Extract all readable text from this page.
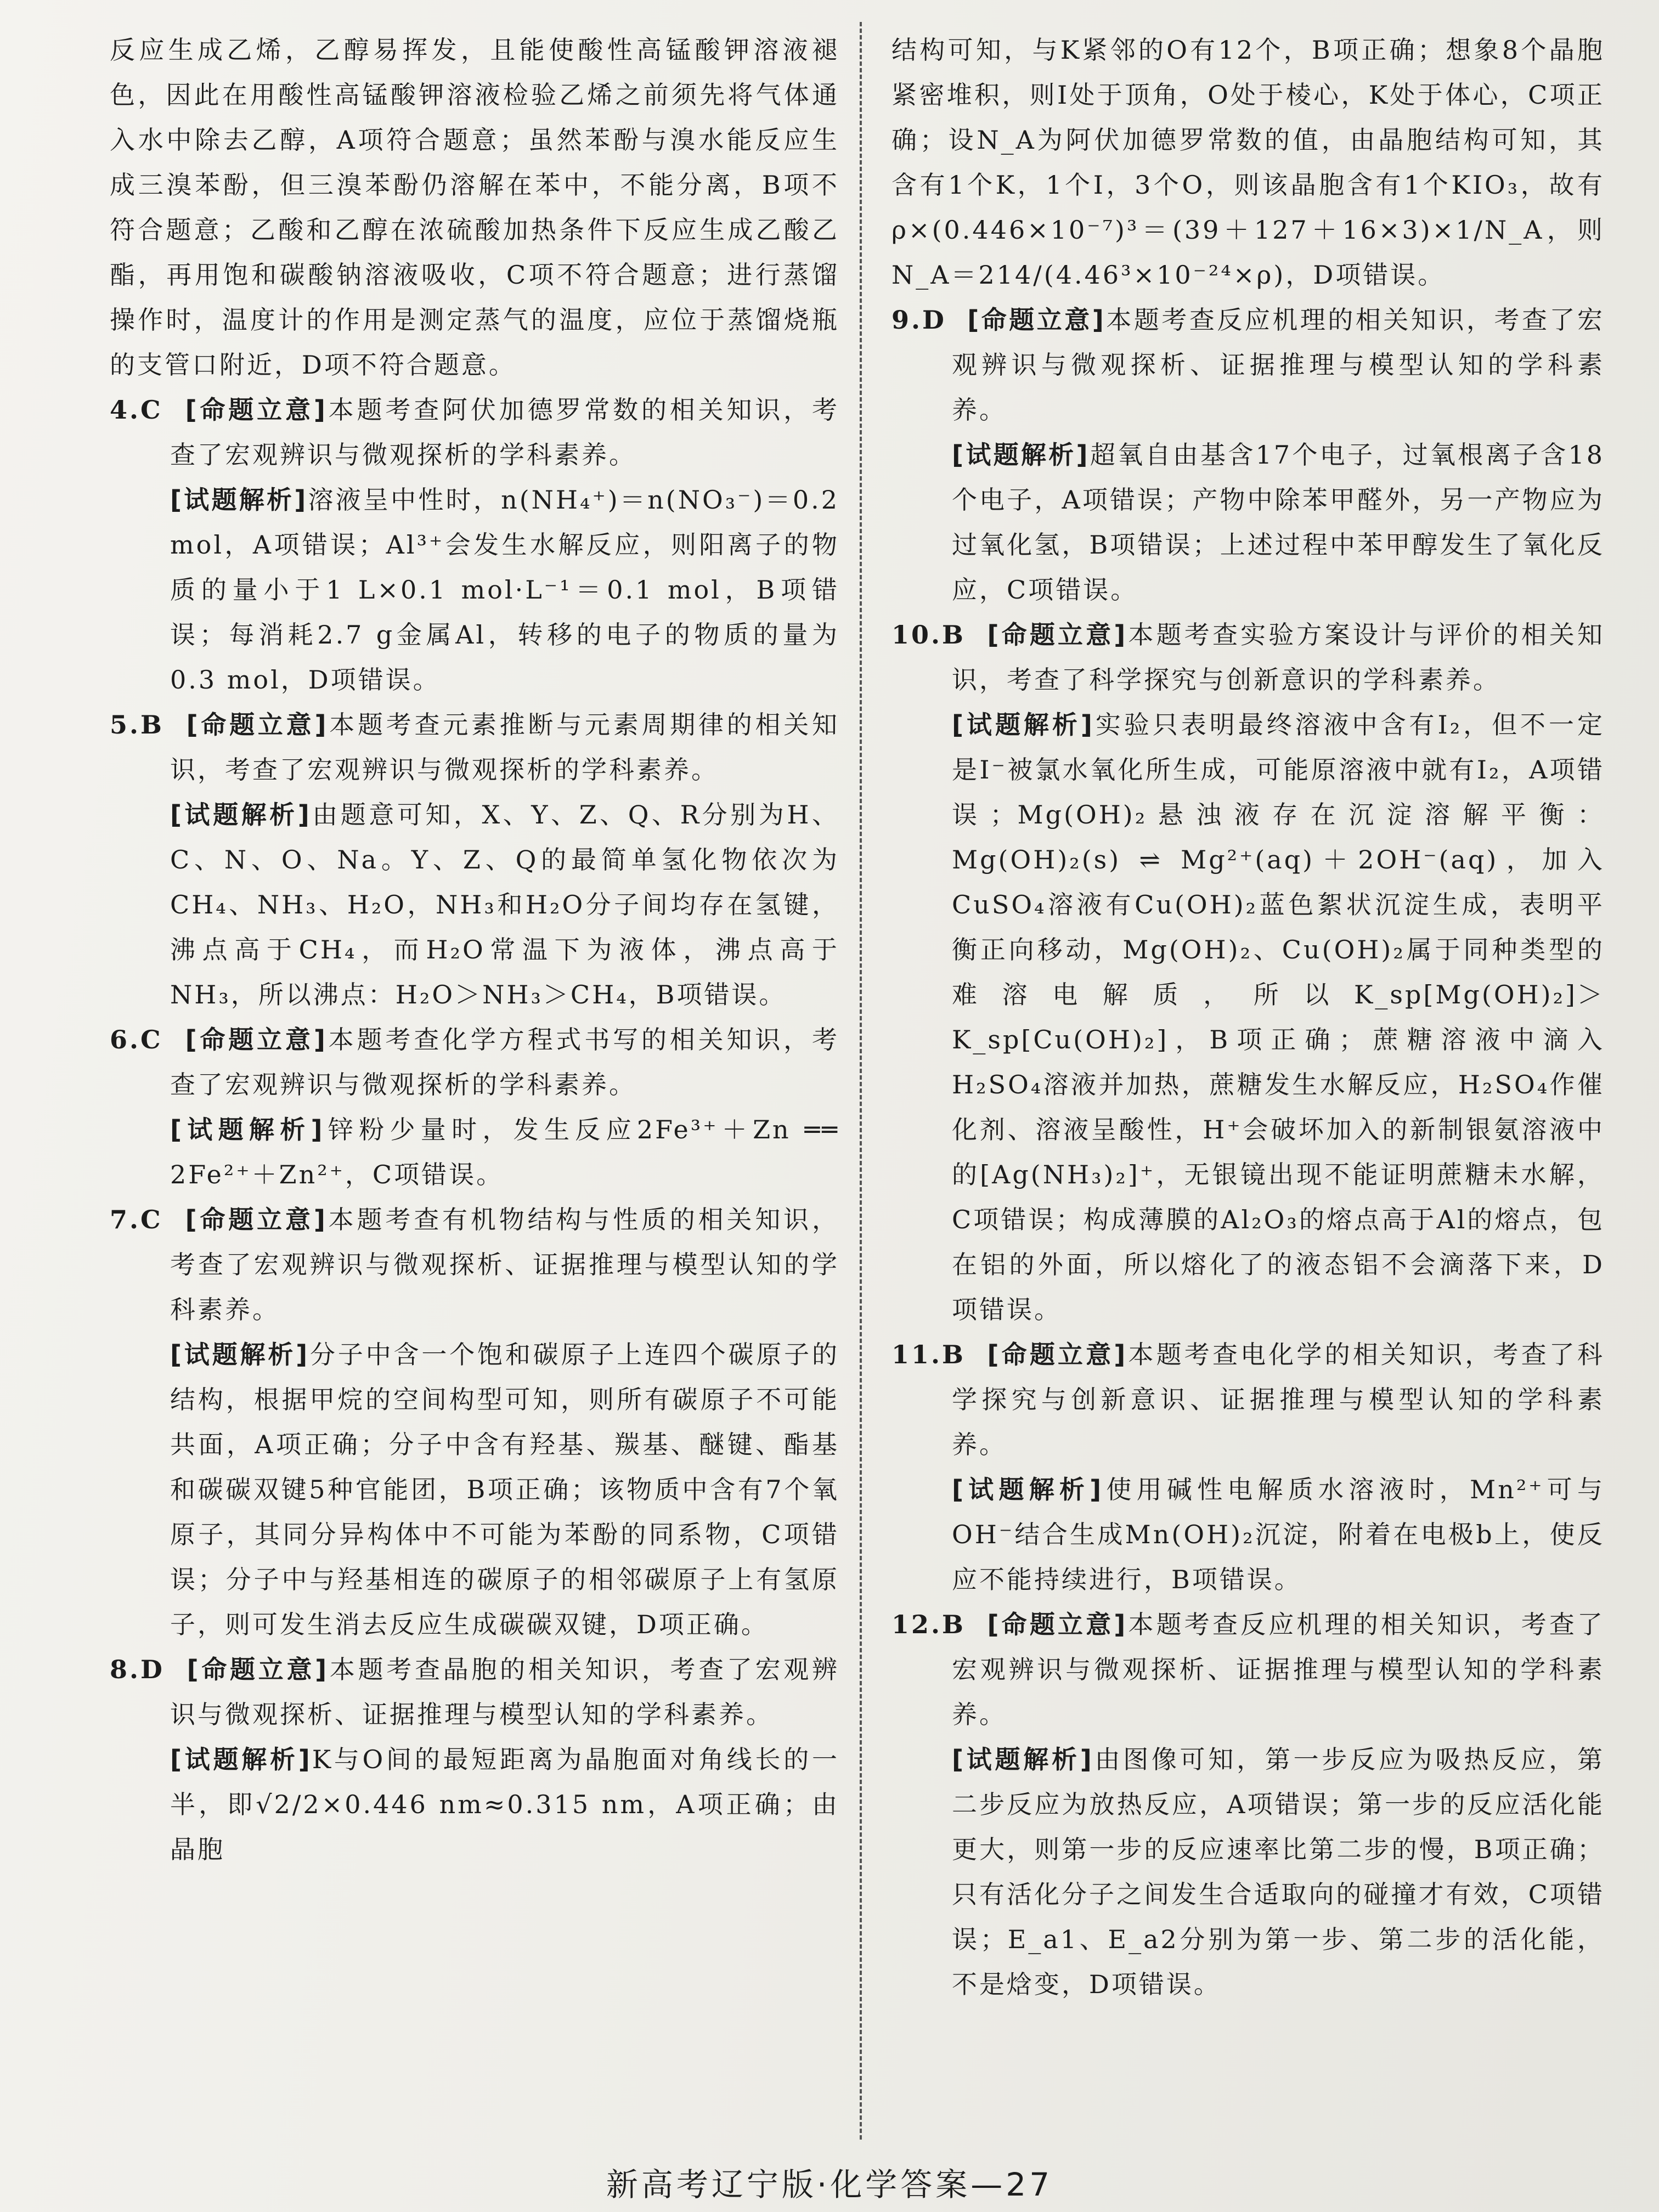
反应生成乙烯，乙醇易挥发，且能使酸性高锰酸钾溶液褪色，因此在用酸性高锰酸钾溶液检验乙烯之前须先将气体通入水中除去乙醇，A项符合题意；虽然苯酚与溴水能反应生成三溴苯酚，但三溴苯酚仍溶解在苯中，不能分离，B项不符合题意；乙酸和乙醇在浓硫酸加热条件下反应生成乙酸乙酯，再用饱和碳酸钠溶液吸收，C项不符合题意；进行蒸馏操作时，温度计的作用是测定蒸气的温度，应位于蒸馏烧瓶的支管口附近，D项不符合题意。

4.C [命题立意]本题考查阿伏加德罗常数的相关知识，考查了宏观辨识与微观探析的学科素养。

[试题解析]溶液呈中性时，n(NH₄⁺)＝n(NO₃⁻)＝0.2 mol，A项错误；Al³⁺会发生水解反应，则阳离子的物质的量小于1 L×0.1 mol·L⁻¹＝0.1 mol，B项错误；每消耗2.7 g金属Al，转移的电子的物质的量为0.3 mol，D项错误。

5.B [命题立意]本题考查元素推断与元素周期律的相关知识，考查了宏观辨识与微观探析的学科素养。

[试题解析]由题意可知，X、Y、Z、Q、R分别为H、C、N、O、Na。Y、Z、Q的最简单氢化物依次为CH₄、NH₃、H₂O，NH₃和H₂O分子间均存在氢键，沸点高于CH₄，而H₂O常温下为液体，沸点高于NH₃，所以沸点：H₂O＞NH₃＞CH₄，B项错误。

6.C [命题立意]本题考查化学方程式书写的相关知识，考查了宏观辨识与微观探析的学科素养。

[试题解析]锌粉少量时，发生反应2Fe³⁺＋Zn ══ 2Fe²⁺＋Zn²⁺，C项错误。

7.C [命题立意]本题考查有机物结构与性质的相关知识，考查了宏观辨识与微观探析、证据推理与模型认知的学科素养。

[试题解析]分子中含一个饱和碳原子上连四个碳原子的结构，根据甲烷的空间构型可知，则所有碳原子不可能共面，A项正确；分子中含有羟基、羰基、醚键、酯基和碳碳双键5种官能团，B项正确；该物质中含有7个氧原子，其同分异构体中不可能为苯酚的同系物，C项错误；分子中与羟基相连的碳原子的相邻碳原子上有氢原子，则可发生消去反应生成碳碳双键，D项正确。

8.D [命题立意]本题考查晶胞的相关知识，考查了宏观辨识与微观探析、证据推理与模型认知的学科素养。

[试题解析]K与O间的最短距离为晶胞面对角线长的一半，即√2/2×0.446 nm≈0.315 nm，A项正确；由晶胞

结构可知，与K紧邻的O有12个，B项正确；想象8个晶胞紧密堆积，则I处于顶角，O处于棱心，K处于体心，C项正确；设N_A为阿伏加德罗常数的值，由晶胞结构可知，其含有1个K，1个I，3个O，则该晶胞含有1个KIO₃，故有ρ×(0.446×10⁻⁷)³＝(39＋127＋16×3)×1/N_A，则N_A＝214/(4.46³×10⁻²⁴×ρ)，D项错误。

9.D [命题立意]本题考查反应机理的相关知识，考查了宏观辨识与微观探析、证据推理与模型认知的学科素养。

[试题解析]超氧自由基含17个电子，过氧根离子含18个电子，A项错误；产物中除苯甲醛外，另一产物应为过氧化氢，B项错误；上述过程中苯甲醇发生了氧化反应，C项错误。

10.B [命题立意]本题考查实验方案设计与评价的相关知识，考查了科学探究与创新意识的学科素养。

[试题解析]实验只表明最终溶液中含有I₂，但不一定是I⁻被氯水氧化所生成，可能原溶液中就有I₂，A项错误；Mg(OH)₂悬浊液存在沉淀溶解平衡：Mg(OH)₂(s) ⇌ Mg²⁺(aq)＋2OH⁻(aq)，加入CuSO₄溶液有Cu(OH)₂蓝色絮状沉淀生成，表明平衡正向移动，Mg(OH)₂、Cu(OH)₂属于同种类型的难溶电解质，所以K_sp[Mg(OH)₂]＞K_sp[Cu(OH)₂]，B项正确；蔗糖溶液中滴入H₂SO₄溶液并加热，蔗糖发生水解反应，H₂SO₄作催化剂、溶液呈酸性，H⁺会破坏加入的新制银氨溶液中的[Ag(NH₃)₂]⁺，无银镜出现不能证明蔗糖未水解，C项错误；构成薄膜的Al₂O₃的熔点高于Al的熔点，包在铝的外面，所以熔化了的液态铝不会滴落下来，D项错误。

11.B [命题立意]本题考查电化学的相关知识，考查了科学探究与创新意识、证据推理与模型认知的学科素养。

[试题解析]使用碱性电解质水溶液时，Mn²⁺可与OH⁻结合生成Mn(OH)₂沉淀，附着在电极b上，使反应不能持续进行，B项错误。

12.B [命题立意]本题考查反应机理的相关知识，考查了宏观辨识与微观探析、证据推理与模型认知的学科素养。

[试题解析]由图像可知，第一步反应为吸热反应，第二步反应为放热反应，A项错误；第一步的反应活化能更大，则第一步的反应速率比第二步的慢，B项正确；只有活化分子之间发生合适取向的碰撞才有效，C项错误；E_a1、E_a2分别为第一步、第二步的活化能，不是焓变，D项错误。

新高考辽宁版·化学答案—27
